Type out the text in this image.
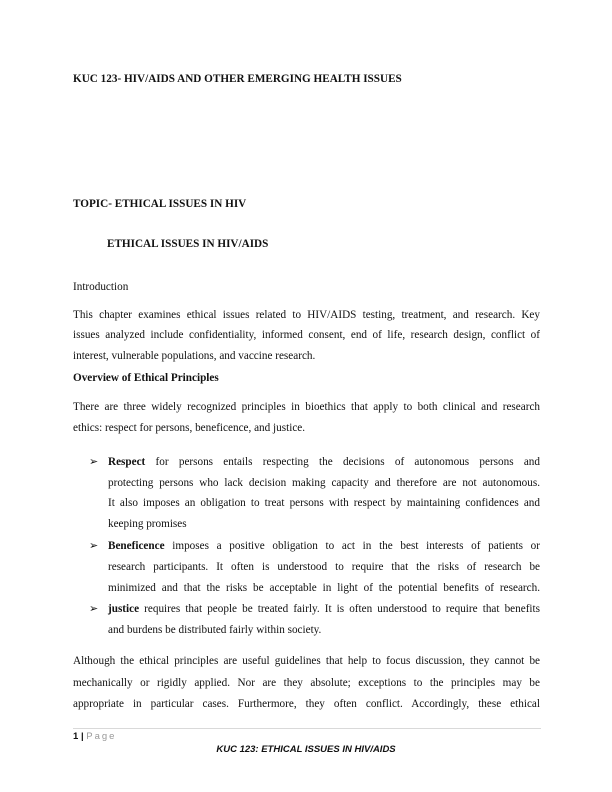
KUC 123- HIV/AIDS AND OTHER EMERGING HEALTH ISSUES
TOPIC- ETHICAL ISSUES IN HIV
ETHICAL ISSUES IN HIV/AIDS
Introduction
This chapter examines ethical issues related to HIV/AIDS testing, treatment, and research. Key
issues analyzed include confidentiality, informed consent, end of life, research design, conflict of
interest, vulnerable populations, and vaccine research.
Overview of Ethical Principles
There are three widely recognized principles in bioethics that apply to both clinical and research
ethics: respect for persons, beneficence, and justice.
➢ Respect for persons entails respecting the decisions of autonomous persons and
protecting persons who lack decision making capacity and therefore are not autonomous.
It also imposes an obligation to treat persons with respect by maintaining confidences and
keeping promises
➢ Beneficence imposes a positive obligation to act in the best interests of patients or
research participants. It often is understood to require that the risks of research be
minimized and that the risks be acceptable in light of the potential benefits of research.
➢ justice requires that people be treated fairly. It is often understood to require that benefits
and burdens be distributed fairly within society.
Although the ethical principles are useful guidelines that help to focus discussion, they cannot be
mechanically or rigidly applied. Nor are they absolute; exceptions to the principles may be
appropriate in particular cases. Furthermore, they often conflict. Accordingly, these ethical
1 | Page
KUC 123: ETHICAL ISSUES IN HIV/AIDS
